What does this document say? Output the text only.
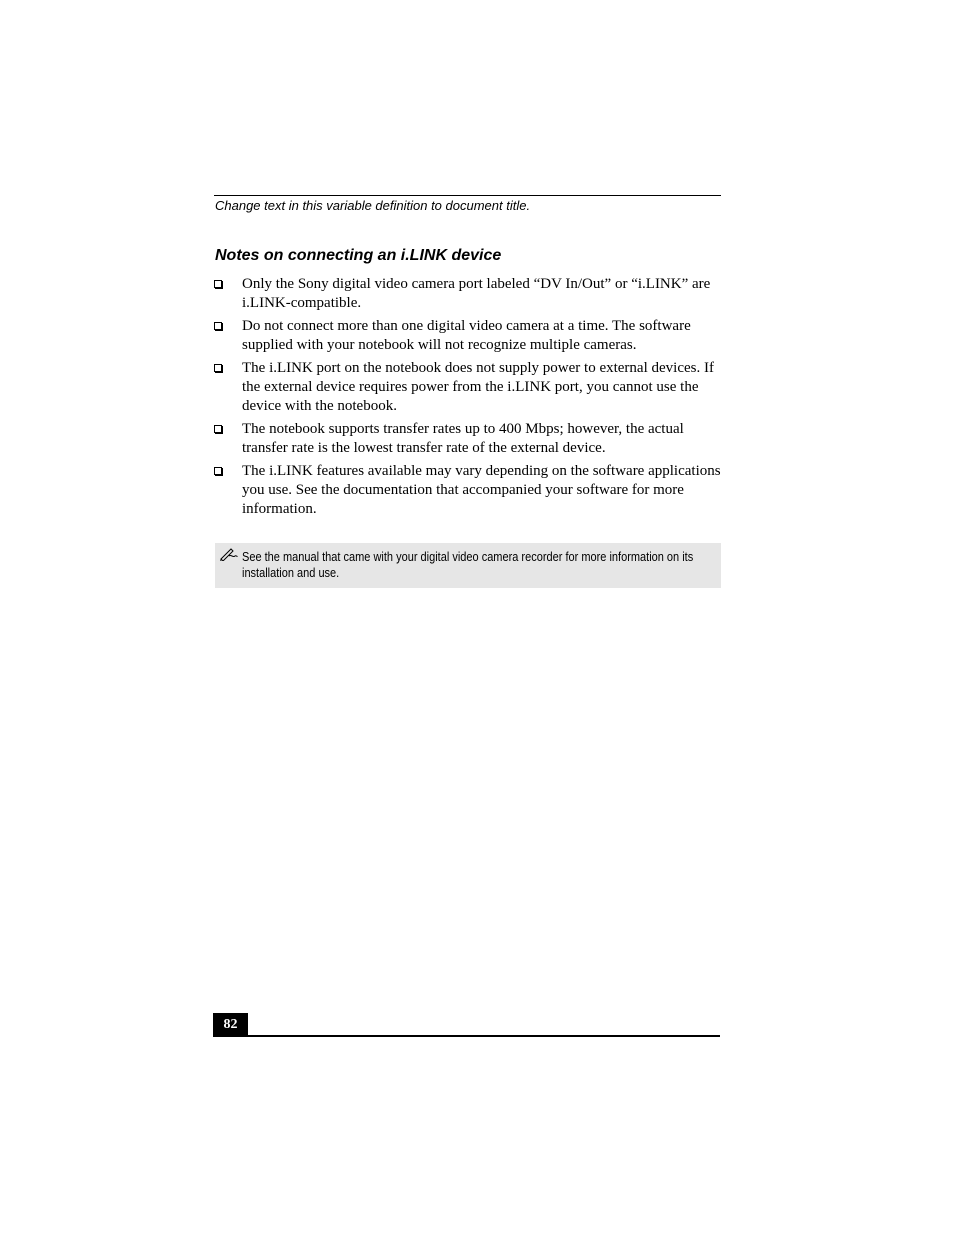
Change text in this variable definition to document title.
Notes on connecting an i.LINK device
Only the Sony digital video camera port labeled “DV In/Out” or “i.LINK” are i.LINK-compatible.
Do not connect more than one digital video camera at a time. The software supplied with your notebook will not recognize multiple cameras.
The i.LINK port on the notebook does not supply power to external devices. If the external device requires power from the i.LINK port, you cannot use the device with the notebook.
The notebook supports transfer rates up to 400 Mbps; however, the actual transfer rate is the lowest transfer rate of the external device.
The i.LINK features available may vary depending on the software applications you use. See the documentation that accompanied your software for more information.
See the manual that came with your digital video camera recorder for more information on its installation and use.
82
